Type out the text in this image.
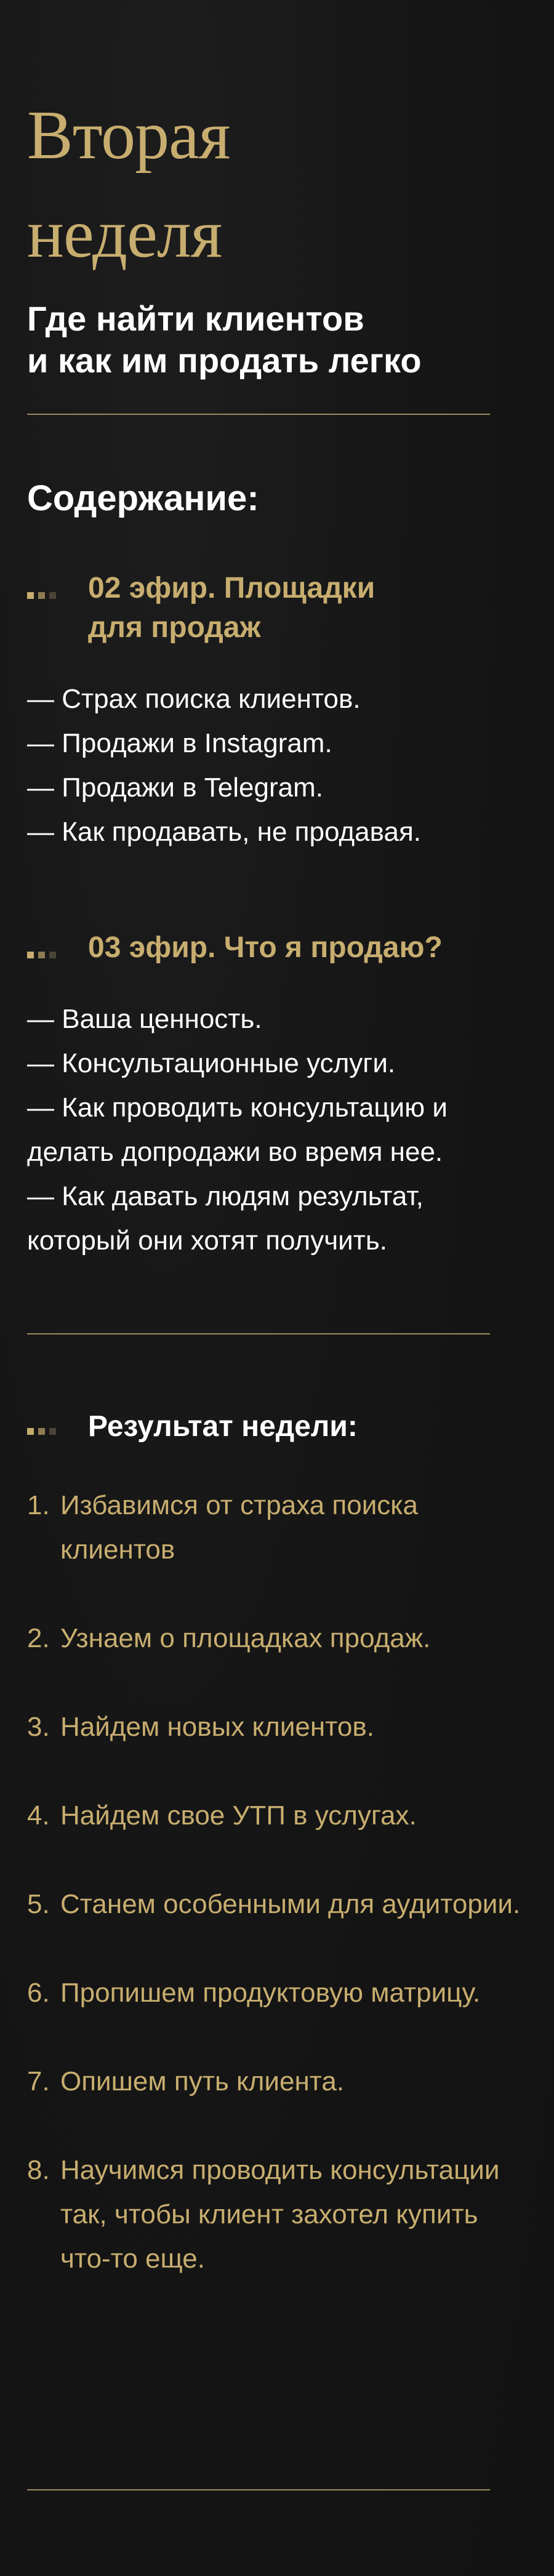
Вторая
неделя
Где найти клиентов
и как им продать легко
Содержание:
02 эфир. Площадки
для продаж
— Страх поиска клиентов.
— Продажи в Instagram.
— Продажи в Telegram.
— Как продавать, не продавая.
03 эфир. Что я продаю?
— Ваша ценность.
— Консультационные услуги.
— Как проводить консультацию и
делать допродажи во время нее.
— Как давать людям результат,
который они хотят получить.
Результат недели:
1. Избавимся от страха поиска клиентов
2. Узнаем о площадках продаж.
3. Найдем новых клиентов.
4. Найдем свое УТП в услугах.
5. Станем особенными для аудитории.
6. Пропишем продуктовую матрицу.
7. Опишем путь клиента.
8. Научимся проводить консультации так, чтобы клиент захотел купить что-то еще.
